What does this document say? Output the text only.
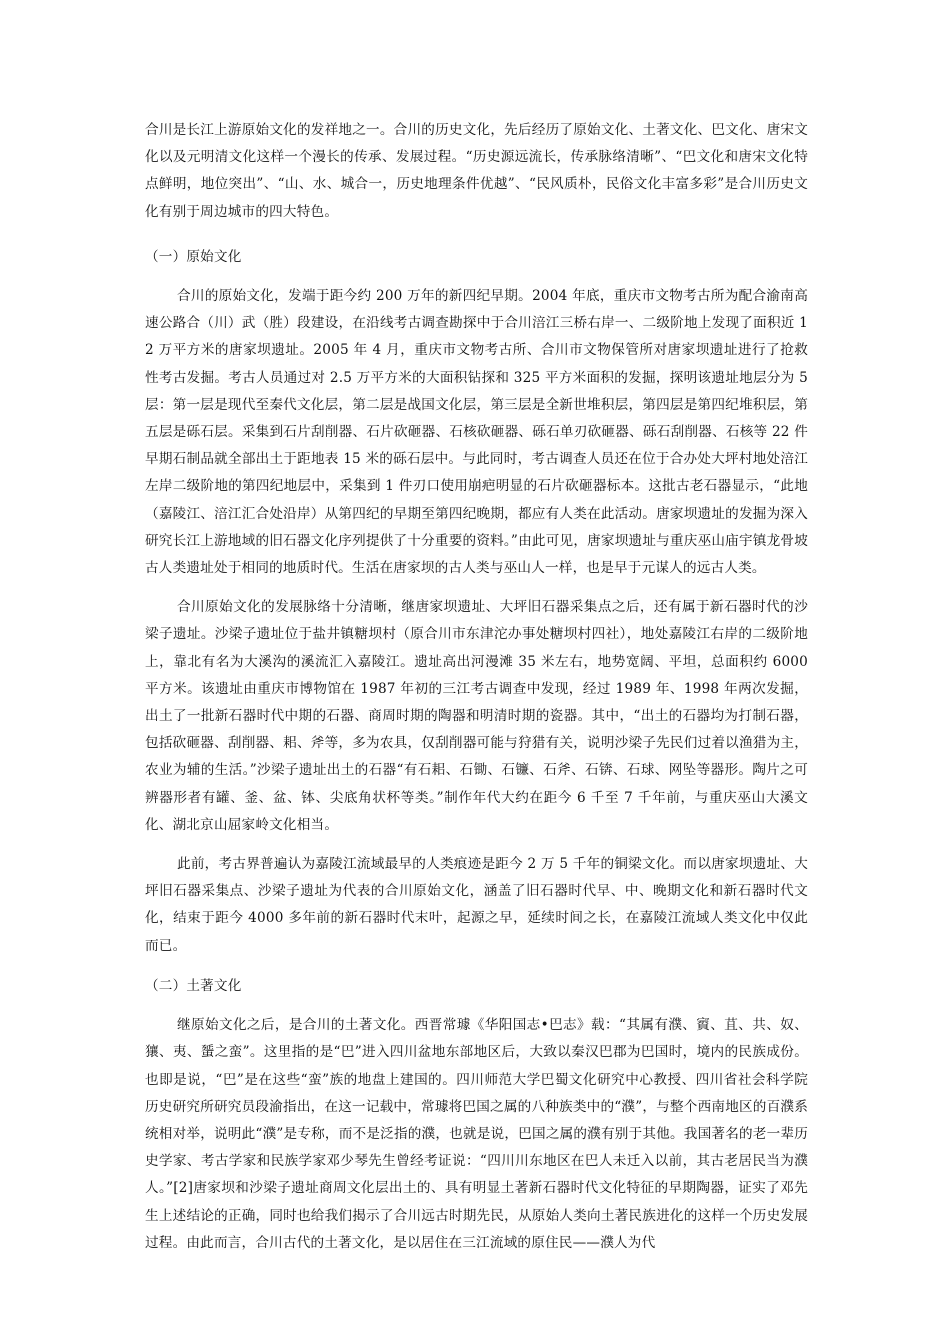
合川是长江上游原始文化的发祥地之一。合川的历史文化，先后经历了原始文化、土著文化、巴文化、唐宋文化以及元明清文化这样一个漫长的传承、发展过程。“历史源远流长，传承脉络清晰”、“巴文化和唐宋文化特点鲜明，地位突出”、“山、水、城合一，历史地理条件优越”、“民风质朴，民俗文化丰富多彩”是合川历史文化有别于周边城市的四大特色。

（一）原始文化

合川的原始文化，发端于距今约 200 万年的新四纪早期。2004 年底，重庆市文物考古所为配合渝南高速公路合（川）武（胜）段建设，在沿线考古调查勘探中于合川涪江三桥右岸一、二级阶地上发现了面积近 12 万平方米的唐家坝遗址。2005 年 4 月，重庆市文物考古所、合川市文物保管所对唐家坝遗址进行了抢救性考古发掘。考古人员通过对 2.5 万平方米的大面积钻探和 325 平方米面积的发掘，探明该遗址地层分为 5 层：第一层是现代至秦代文化层，第二层是战国文化层，第三层是全新世堆积层，第四层是第四纪堆积层，第五层是砾石层。采集到石片刮削器、石片砍砸器、石核砍砸器、砾石单刃砍砸器、砾石刮削器、石核等 22 件早期石制品就全部出土于距地表 15 米的砾石层中。与此同时，考古调查人员还在位于合办处大坪村地处涪江左岸二级阶地的第四纪地层中，采集到 1 件刃口使用崩疤明显的石片砍砸器标本。这批古老石器显示，“此地（嘉陵江、涪江汇合处沿岸）从第四纪的早期至第四纪晚期，都应有人类在此活动。唐家坝遗址的发掘为深入研究长江上游地域的旧石器文化序列提供了十分重要的资料。”由此可见，唐家坝遗址与重庆巫山庙宇镇龙骨坡古人类遗址处于相同的地质时代。生活在唐家坝的古人类与巫山人一样，也是早于元谋人的远古人类。

合川原始文化的发展脉络十分清晰，继唐家坝遗址、大坪旧石器采集点之后，还有属于新石器时代的沙梁子遗址。沙梁子遗址位于盐井镇糖坝村（原合川市东津沱办事处糖坝村四社），地处嘉陵江右岸的二级阶地上，靠北有名为大溪沟的溪流汇入嘉陵江。遗址高出河漫滩 35 米左右，地势宽阔、平坦，总面积约 6000 平方米。该遗址由重庆市博物馆在 1987 年初的三江考古调查中发现，经过 1989 年、1998 年两次发掘，出土了一批新石器时代中期的石器、商周时期的陶器和明清时期的瓷器。其中，“出土的石器均为打制石器，包括砍砸器、刮削器、耜、斧等，多为农具，仅刮削器可能与狩猎有关，说明沙梁子先民们过着以渔猎为主，农业为辅的生活。”沙梁子遗址出土的石器“有石耜、石锄、石镰、石斧、石锛、石球、网坠等器形。陶片之可辨器形者有罐、釜、盆、钵、尖底角状杯等类。”制作年代大约在距今 6 千至 7 千年前，与重庆巫山大溪文化、湖北京山屈家岭文化相当。

此前，考古界普遍认为嘉陵江流域最早的人类痕迹是距今 2 万 5 千年的铜梁文化。而以唐家坝遗址、大坪旧石器采集点、沙梁子遗址为代表的合川原始文化，涵盖了旧石器时代早、中、晚期文化和新石器时代文化，结束于距今 4000 多年前的新石器时代末叶，起源之早，延续时间之长，在嘉陵江流域人类文化中仅此而已。

（二）土著文化

继原始文化之后，是合川的土著文化。西晋常璩《华阳国志•巴志》载：“其属有濮、賨、苴、共、奴、獽、夷、蜑之蛮”。这里指的是“巴”进入四川盆地东部地区后，大致以秦汉巴郡为巴国时，境内的民族成份。也即是说，“巴”是在这些“蛮”族的地盘上建国的。四川师范大学巴蜀文化研究中心教授、四川省社会科学院历史研究所研究员段渝指出，在这一记载中，常璩将巴国之属的八种族类中的“濮”，与整个西南地区的百濮系统相对举，说明此“濮”是专称，而不是泛指的濮，也就是说，巴国之属的濮有别于其他。我国著名的老一辈历史学家、考古学家和民族学家邓少琴先生曾经考证说：“四川川东地区在巴人未迁入以前，其古老居民当为濮人。”[2]唐家坝和沙梁子遗址商周文化层出土的、具有明显土著新石器时代文化特征的早期陶器，证实了邓先生上述结论的正确，同时也给我们揭示了合川远古时期先民，从原始人类向土著民族进化的这样一个历史发展过程。由此而言，合川古代的土著文化，是以居住在三江流域的原住民——濮人为代
